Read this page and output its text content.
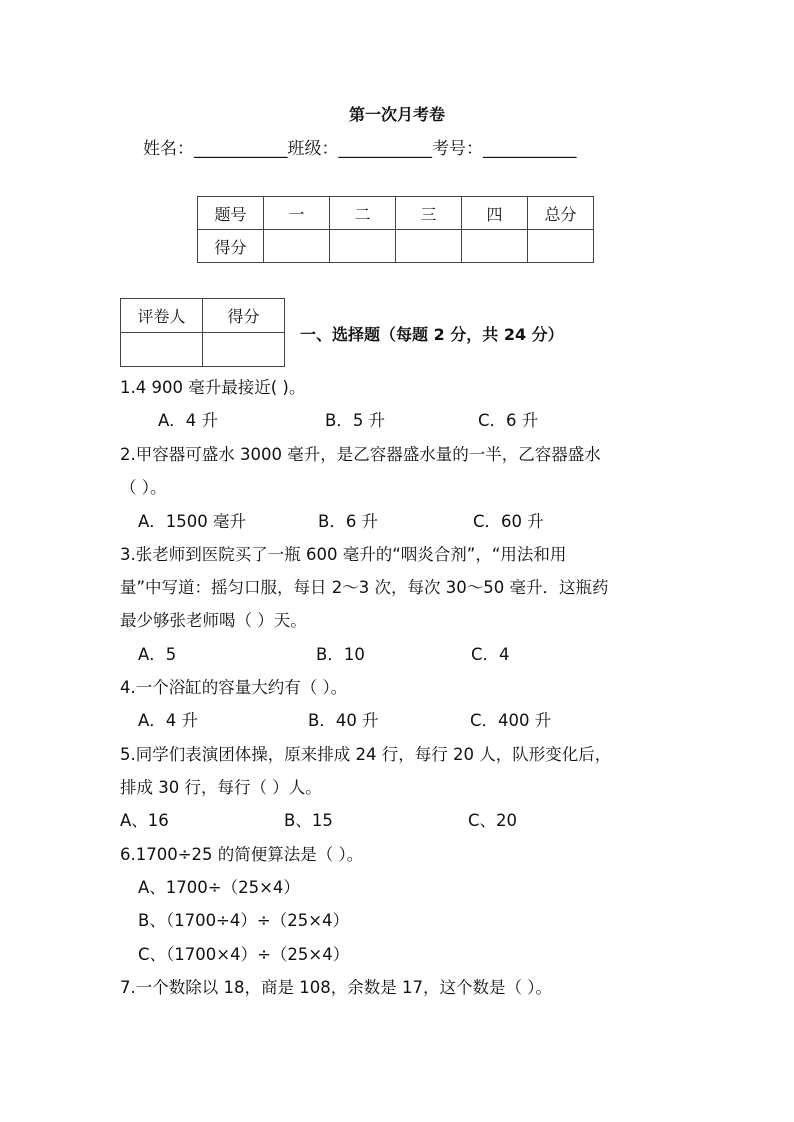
第一次月考卷
姓名：___________班级：___________考号：___________
题号	一	二	三	四	总分
得分					
评卷人	得分

一、选择题（每题 2 分，共 24 分）
1.4 900 毫升最接近( )。
A．4 升	B．5 升	C．6 升
2.甲容器可盛水 3000 毫升，是乙容器盛水量的一半，乙容器盛水
（ ）。
A．1500 毫升	B．6 升	C．60 升
3.张老师到医院买了一瓶 600 毫升的“咽炎合剂”，“用法和用
量”中写道：摇匀口服，每日 2～3 次，每次 30～50 毫升．这瓶药
最少够张老师喝（ ）天。
A．5	B．10	C．4
4.一个浴缸的容量大约有（ ）。
A．4 升	B．40 升	C．400 升
5.同学们表演团体操，原来排成 24 行，每行 20 人，队形变化后，
排成 30 行，每行（ ）人。
A、16	B、15	C、20
6.1700÷25 的简便算法是（ ）。
A、1700÷（25×4）
B、（1700÷4）÷（25×4）
C、（1700×4）÷（25×4）
7.一个数除以 18，商是 108，余数是 17，这个数是（ ）。
